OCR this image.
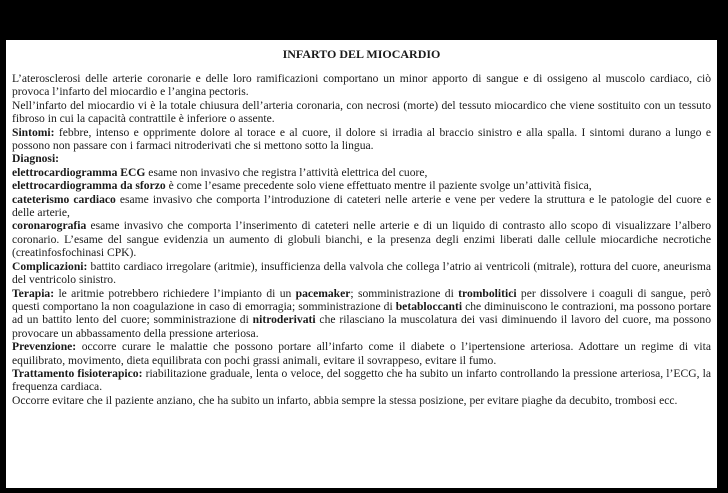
INFARTO DEL MIOCARDIO

L’aterosclerosi delle arterie coronarie e delle loro ramificazioni comportano un minor apporto di sangue e di ossigeno al muscolo cardiaco, ciò provoca l’infarto del miocardio e l’angina pectoris.

Nell’infarto del miocardio vi è la totale chiusura dell’arteria coronaria, con necrosi (morte) del tessuto miocardico che viene sostituito con un tessuto fibroso in cui la capacità contrattile è inferiore o assente.

Sintomi: febbre, intenso e opprimente dolore al torace e al cuore, il dolore si irradia al braccio sinistro e alla spalla. I sintomi durano a lungo e possono non passare con i farmaci nitroderivati che si mettono sotto la lingua.

Diagnosi:

elettrocardiogramma ECG esame non invasivo che registra l’attività elettrica del cuore,

elettrocardiogramma da sforzo è come l’esame precedente solo viene effettuato mentre il paziente svolge un’attività fisica,

cateterismo cardiaco esame invasivo che comporta l’introduzione di cateteri nelle arterie e vene per vedere la struttura e le patologie del cuore e delle arterie,

coronarografia esame invasivo che comporta l’inserimento di cateteri nelle arterie e di un liquido di contrasto allo scopo di visualizzare l’albero coronario. L’esame del sangue evidenzia un aumento di globuli bianchi, e la presenza degli enzimi liberati dalle cellule miocardiche necrotiche (creatinfosfochinasi CPK).

Complicazioni: battito cardiaco irregolare (aritmie), insufficienza della valvola che collega l’atrio ai ventricoli (mitrale), rottura del cuore, aneurisma del ventricolo sinistro.

Terapia: le aritmie potrebbero richiedere l’impianto di un pacemaker; somministrazione di trombolitici per dissolvere i coaguli di sangue, però questi comportano la non coagulazione in caso di emorragia; somministrazione di betabloccanti che diminuiscono le contrazioni, ma possono portare ad un battito lento del cuore; somministrazione di nitroderivati che rilasciano la muscolatura dei vasi diminuendo il lavoro del cuore, ma possono provocare un abbassamento della pressione arteriosa.

Prevenzione: occorre curare le malattie che possono portare all’infarto come il diabete o l’ipertensione arteriosa. Adottare un regime di vita equilibrato, movimento, dieta equilibrata con pochi grassi animali, evitare il sovrappeso, evitare il fumo.

Trattamento fisioterapico: riabilitazione graduale, lenta o veloce, del soggetto che ha subito un infarto controllando la pressione arteriosa, l’ECG, la frequenza cardiaca.

Occorre evitare che il paziente anziano, che ha subito un infarto, abbia sempre la stessa posizione, per evitare piaghe da decubito, trombosi ecc.
